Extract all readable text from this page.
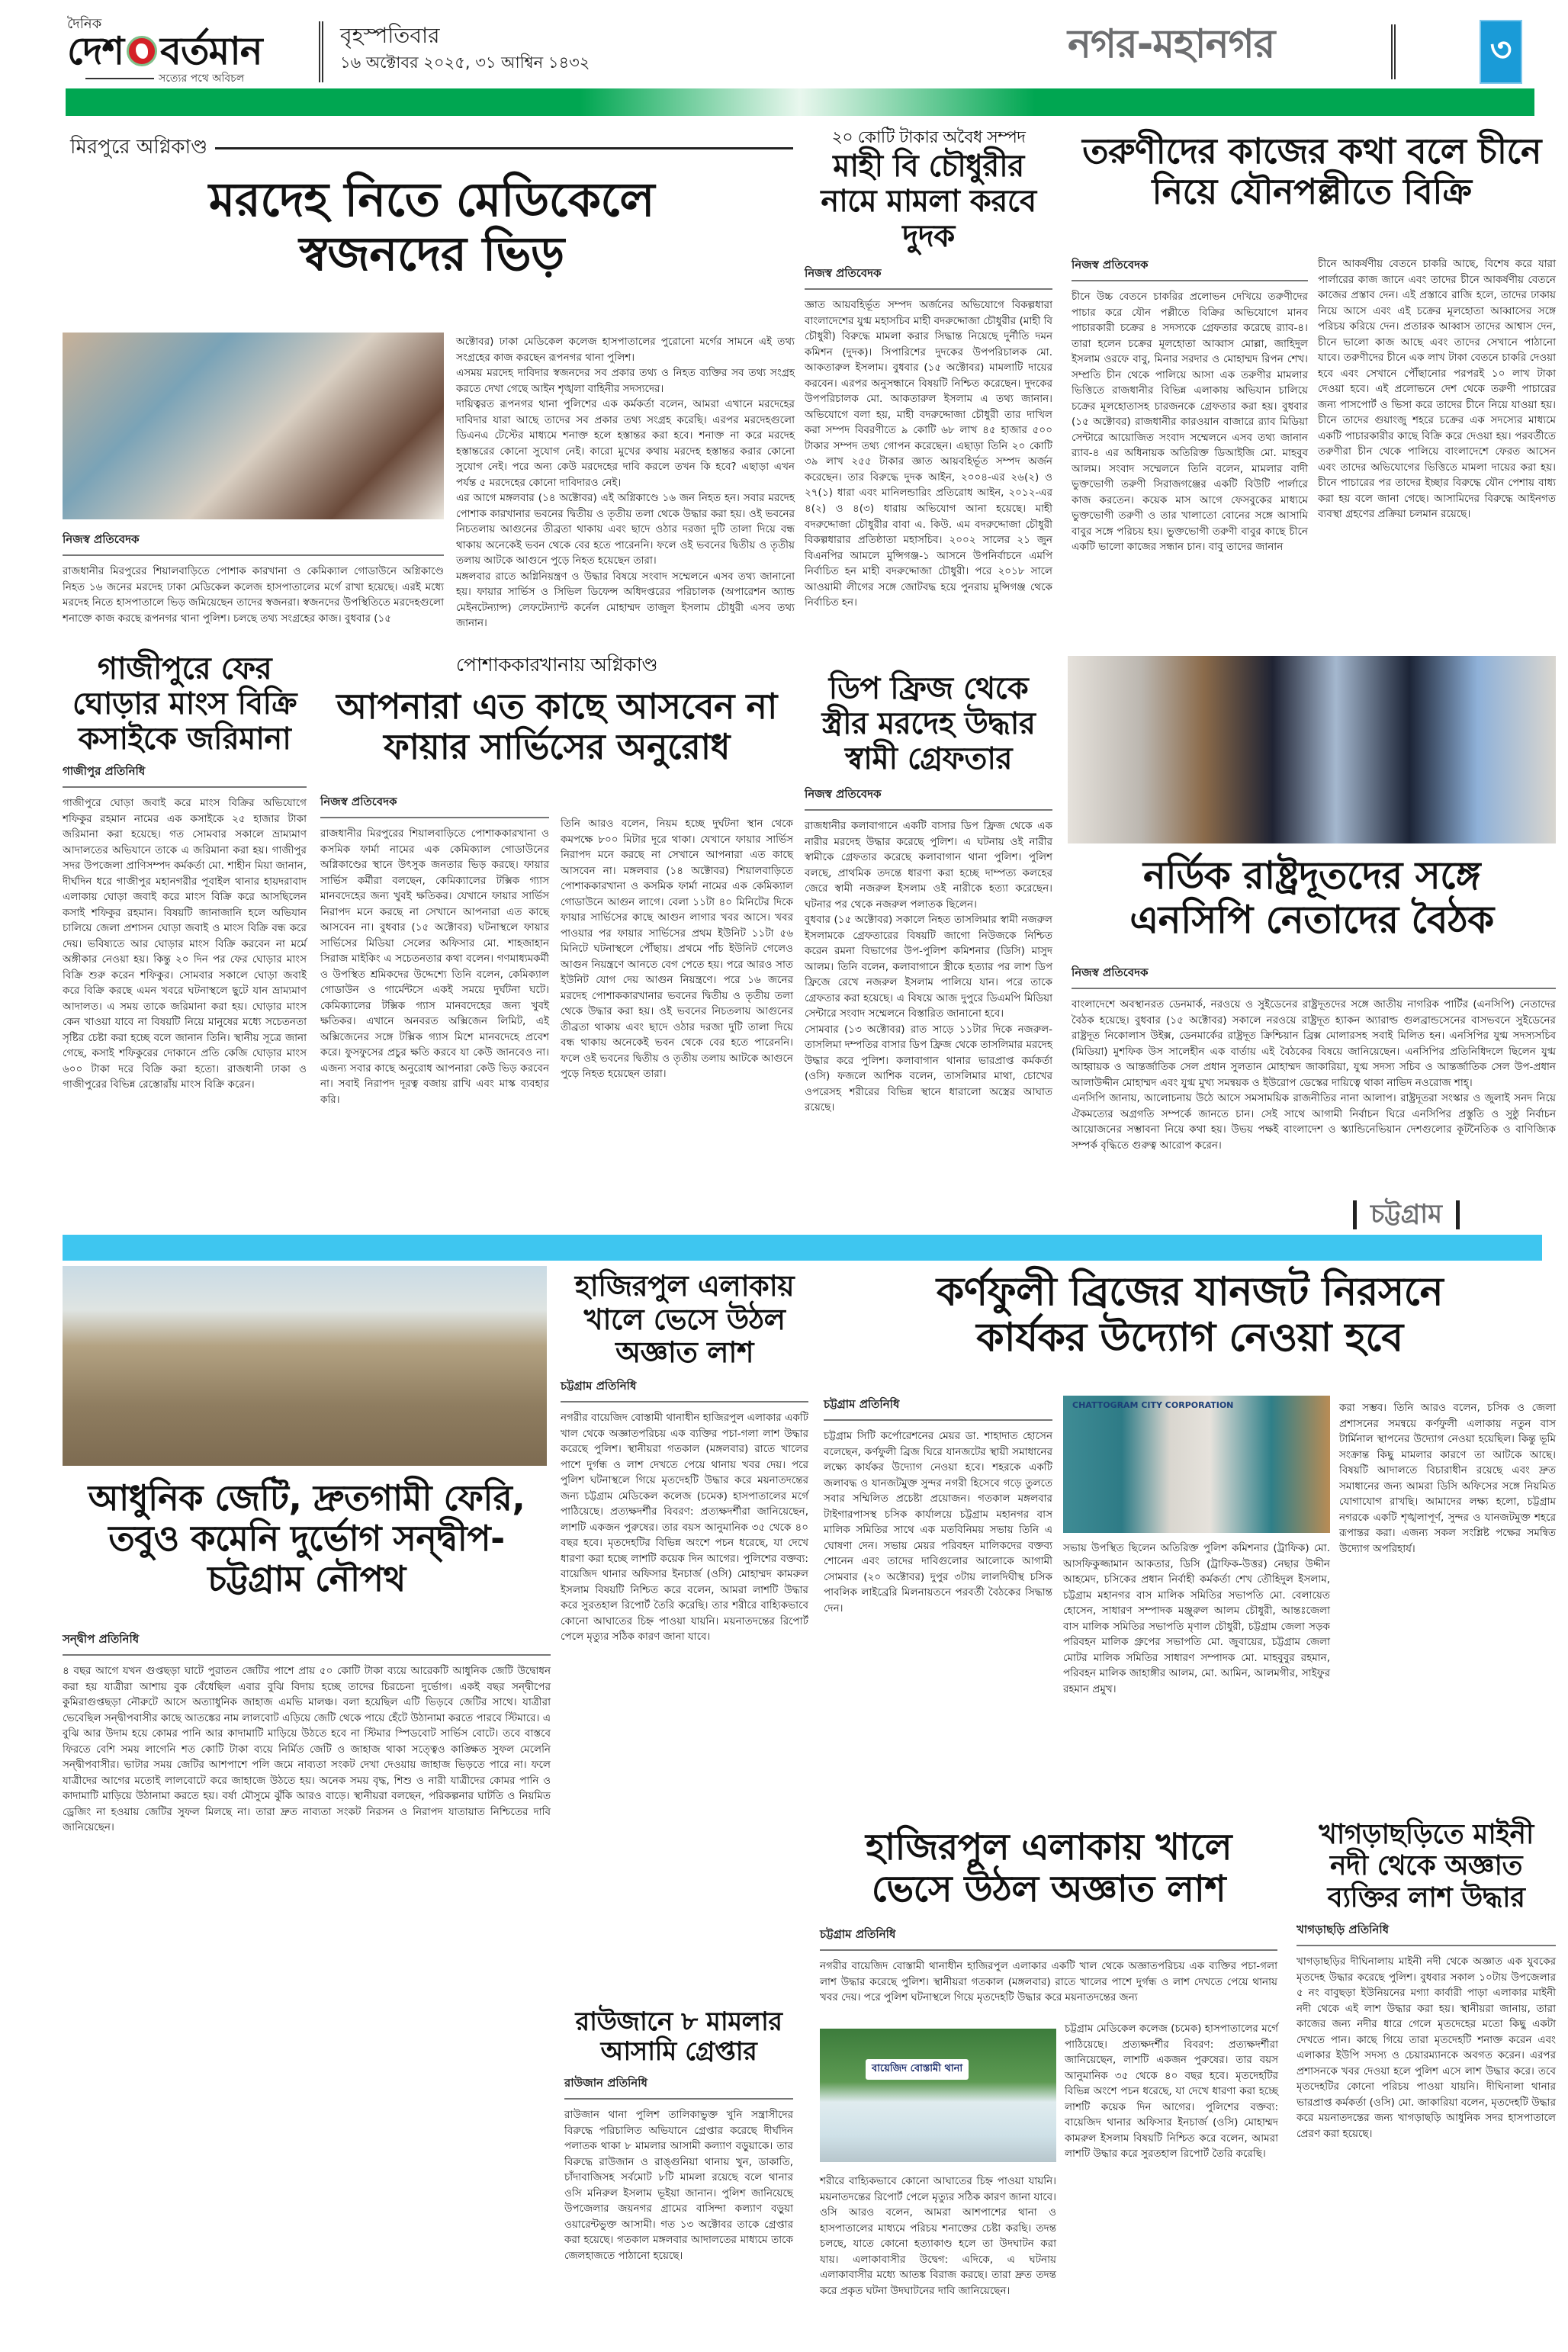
দৈনিক
দেশ বর্তমান
সত্যের পথে অবিচল
বৃহস্পতিবার
১৬ অক্টোবর ২০২৫, ৩১ আশ্বিন ১৪৩২	নগর-মহানগর	৩
মিরপুরে অগ্নিকাণ্ড
মরদেহ নিতে মেডিকেলে
স্বজনদের ভিড়
নিজস্ব প্রতিবেদক
রাজধানীর মিরপুরের শিয়ালবাড়িতে পোশাক কারখানা ও কেমিক্যাল গোডাউনে অগ্নিকাণ্ডে নিহত ১৬ জনের মরদেহ ঢাকা মেডিকেল কলেজ হাসপাতালের মর্গে রাখা হয়েছে। এরই মধ্যে মরদেহ নিতে হাসপাতালে ভিড় জমিয়েছেন তাদের স্বজনরা। স্বজনদের উপস্থিতিতে মরদেহগুলো শনাক্তে কাজ করছে রূপনগর থানা পুলিশ। চলছে তথ্য সংগ্রহের কাজ। বুধবার (১৫

অক্টোবর) ঢাকা মেডিকেল কলেজ হাসপাতালের পুরোনো মর্গের সামনে এই তথ্য সংগ্রহের কাজ করছেন রূপনগর থানা পুলিশ।

এসময় মরদেহ দাবিদার স্বজনদের সব প্রকার তথ্য ও নিহত ব্যক্তির সব তথ্য সংগ্রহ করতে দেখা গেছে আইন শৃঙ্খলা বাহিনীর সদস্যদের।

দায়িত্বরত রূপনগর থানা পুলিশের এক কর্মকর্তা বলেন, আমরা এখানে মরদেহের দাবিদার যারা আছে তাদের সব প্রকার তথ্য সংগ্রহ করেছি। এরপর মরদেহগুলো ডিএনএ টেস্টের মাধ্যমে শনাক্ত হলে হস্তান্তর করা হবে। শনাক্ত না করে মরদেহ হস্তান্তরের কোনো সুযোগ নেই। কারো মুখের কথায় মরদেহ হস্তান্তর করার কোনো সুযোগ নেই। পরে অন্য কেউ মরদেহের দাবি করলে তখন কি হবে? এছাড়া এখন পর্যন্ত ৫ মরদেহের কোনো দাবিদারও নেই।

এর আগে মঙ্গলবার (১৪ অক্টোবর) এই অগ্নিকাণ্ডে ১৬ জন নিহত হন। সবার মরদেহ পোশাক কারখানার ভবনের দ্বিতীয় ও তৃতীয় তলা থেকে উদ্ধার করা হয়। ওই ভবনের নিচতলায় আগুনের তীব্রতা থাকায় এবং ছাদে ওঠার দরজা দুটি তালা দিয়ে বন্ধ থাকায় অনেকেই ভবন থেকে বের হতে পারেননি। ফলে ওই ভবনের দ্বিতীয় ও তৃতীয় তলায় আটকে আগুনে পুড়ে নিহত হয়েছেন তারা।

মঙ্গলবার রাতে অগ্নিনিয়ন্ত্রণ ও উদ্ধার বিষয়ে সংবাদ সম্মেলনে এসব তথ্য জানানো হয়। ফায়ার সার্ভিস ও সিভিল ডিফেন্স অধিদপ্তরের পরিচালক (অপারেশন অ্যান্ড মেইনটেন্যান্স) লেফটেন্যান্ট কর্নেল মোহাম্মদ তাজুল ইসলাম চৌধুরী এসব তথ্য জানান।

২০ কোটি টাকার অবৈধ সম্পদ
মাহী বি চৌধুরীর নামে মামলা করবে দুদক
নিজস্ব প্রতিবেদক
জ্ঞাত আয়বহির্ভূত সম্পদ অর্জনের অভিযোগে বিকল্পধারা বাংলাদেশের যুগ্ম মহাসচিব মাহী বদরুদ্দোজা চৌধুরীর (মাহী বি চৌধুরী) বিরুদ্ধে মামলা করার সিদ্ধান্ত নিয়েছে দুর্নীতি দমন কমিশন (দুদক)। সিপারিশের দুদকের উপপরিচালক মো. আকতারুল ইসলাম। বুধবার (১৫ অক্টোবর) মামলাটি দায়ের করবেন। এরপর অনুসন্ধানে বিষয়টি নিশ্চিত করেছেন। দুদকের উপপরিচালক মো. আকতারুল ইসলাম এ তথ্য জানান। অভিযোগে বলা হয়, মাহী বদরুদ্দোজা চৌধুরী তার দাখিল করা সম্পদ বিবরণীতে ৯ কোটি ৬৮ লাখ ৪৫ হাজার ৫০০ টাকার সম্পদ তথ্য গোপন করেছেন। এছাড়া তিনি ২০ কোটি ৩৯ লাখ ২৫৫ টাকার জ্ঞাত আয়বহির্ভূত সম্পদ অর্জন করেছেন। তার বিরুদ্ধে দুদক আইন, ২০০৪-এর ২৬(২) ও ২৭(১) ধারা এবং মানিলন্ডারিং প্রতিরোধ আইন, ২০১২-এর ৪(২) ও ৪(৩) ধারায় অভিযোগ আনা হয়েছে। মাহী বদরুদ্দোজা চৌধুরীর বাবা এ. কিউ. এম বদরুদ্দোজা চৌধুরী বিকল্পধারার প্রতিষ্ঠাতা মহাসচিব। ২০০২ সালের ২১ জুন বিএনপির আমলে মুন্সিগঞ্জ-১ আসনে উপনির্বাচনে এমপি নির্বাচিত হন মাহী বদরুদ্দোজা চৌধুরী। পরে ২০১৮ সালে আওয়ামী লীগের সঙ্গে জোটবদ্ধ হয়ে পুনরায় মুন্সিগঞ্জ থেকে নির্বাচিত হন।
তরুণীদের কাজের কথা বলে চীনে
নিয়ে যৌনপল্লীতে বিক্রি
নিজস্ব প্রতিবেদক
চীনে উচ্চ বেতনে চাকরির প্রলোভন দেখিয়ে তরুণীদের পাচার করে যৌন পল্লীতে বিক্রির অভিযোগে মানব পাচারকারী চক্রের ৪ সদস্যকে গ্রেফতার করেছে র‍্যাব-৪। তারা হলেন চক্রের মূলহোতা আব্বাস মোল্লা, জাহিদুল ইসলাম ওরফে বাবু, মিনার সরদার ও মোহাম্মদ রিপন শেখ। সম্প্রতি চীন থেকে পালিয়ে আসা এক তরুণীর মামলার ভিত্তিতে রাজধানীর বিভিন্ন এলাকায় অভিযান চালিয়ে চক্রের মূলহোতাসহ চারজনকে গ্রেফতার করা হয়। বুধবার (১৫ অক্টোবর) রাজধানীর কারওয়ান বাজারে র‍্যাব মিডিয়া সেন্টারে আয়োজিত সংবাদ সম্মেলনে এসব তথ্য জানান র‍্যাব-৪ এর অধিনায়ক অতিরিক্ত ডিআইজি মো. মাহবুব আলম। সংবাদ সম্মেলনে তিনি বলেন, মামলার বাদী ভুক্তভোগী তরুণী সিরাজগঞ্জের একটি বিউটি পার্লারে কাজ করতেন। কয়েক মাস আগে ফেসবুকের মাধ্যমে ভুক্তভোগী তরুণী ও তার খালাতো বোনের সঙ্গে আসামি বাবুর সঙ্গে পরিচয় হয়। ভুক্তভোগী তরুণী বাবুর কাছে চীনে একটি ভালো কাজের সন্ধান চান। বাবু তাদের জানান
চীনে আকর্ষণীয় বেতনে চাকরি আছে, বিশেষ করে যারা পার্লারের কাজ জানে এবং তাদের চীনে আকর্ষণীয় বেতনে কাজের প্রস্তাব দেন। এই প্রস্তাবে রাজি হলে, তাদের ঢাকায় নিয়ে আসে এবং এই চক্রের মূলহোতা আব্বাসের সঙ্গে পরিচয় করিয়ে দেন। প্রতারক আব্বাস তাদের আশ্বাস দেন, চীনে ভালো কাজ আছে এবং তাদের সেখানে পাঠানো যাবে। তরুণীদের চীনে এক লাখ টাকা বেতনে চাকরি দেওয়া হবে এবং সেখানে পৌঁছানোর পরপরই ১০ লাখ টাকা দেওয়া হবে। এই প্রলোভনে দেশ থেকে তরুণী পাচারের জন্য পাসপোর্ট ও ভিসা করে তাদের চীনে নিয়ে যাওয়া হয়। চীনে তাদের গুয়াংজু শহরে চক্রের এক সদস্যের মাধ্যমে একটি পাচারকারীর কাছে বিক্রি করে দেওয়া হয়। পরবর্তীতে তরুণীরা চীন থেকে পালিয়ে বাংলাদেশে ফেরত আসেন এবং তাদের অভিযোগের ভিত্তিতে মামলা দায়ের করা হয়। চীনে পাচারের পর তাদের ইচ্ছার বিরুদ্ধে যৌন পেশায় বাধ্য করা হয় বলে জানা গেছে। আসামিদের বিরুদ্ধে আইনগত ব্যবস্থা গ্রহণের প্রক্রিয়া চলমান রয়েছে।
গাজীপুরে ফের ঘোড়ার মাংস বিক্রি কসাইকে জরিমানা
গাজীপুর প্রতিনিধি
গাজীপুরে ঘোড়া জবাই করে মাংস বিক্রির অভিযোগে শফিকুর রহমান নামের এক কসাইকে ২৫ হাজার টাকা জরিমানা করা হয়েছে। গত সোমবার সকালে ভ্রাম্যমাণ আদালতের অভিযানে তাকে এ জরিমানা করা হয়। গাজীপুর সদর উপজেলা প্রাণিসম্পদ কর্মকর্তা মো. শাহীন মিয়া জানান, দীর্ঘদিন ধরে গাজীপুর মহানগরীর পূবাইল থানার হায়দরাবাদ এলাকায় ঘোড়া জবাই করে মাংস বিক্রি করে আসছিলেন কসাই শফিকুর রহমান। বিষয়টি জানাজানি হলে অভিযান চালিয়ে জেলা প্রশাসন ঘোড়া জবাই ও মাংস বিক্রি বন্ধ করে দেয়। ভবিষ্যতে আর ঘোড়ার মাংস বিক্রি করবেন না মর্মে অঙ্গীকার নেওয়া হয়। কিন্তু ২০ দিন পর ফের ঘোড়ার মাংস বিক্রি শুরু করেন শফিকুর। সোমবার সকালে ঘোড়া জবাই করে বিক্রি করছে এমন খবরে ঘটনাস্থলে ছুটে যান ভ্রাম্যমাণ আদালত। এ সময় তাকে জরিমানা করা হয়। ঘোড়ার মাংস কেন খাওয়া যাবে না বিষয়টি নিয়ে মানুষের মধ্যে সচেতনতা সৃষ্টির চেষ্টা করা হচ্ছে বলে জানান তিনি। স্থানীয় সূত্রে জানা গেছে, কসাই শফিকুরের দোকানে প্রতি কেজি ঘোড়ার মাংস ৬০০ টাকা দরে বিক্রি করা হতো। রাজধানী ঢাকা ও গাজীপুরের বিভিন্ন রেস্তোরাঁয় মাংস বিক্রি করেন।
পোশাককারখানায় অগ্নিকাণ্ড
আপনারা এত কাছে আসবেন না
ফায়ার সার্ভিসের অনুরোধ
নিজস্ব প্রতিবেদক
রাজধানীর মিরপুরের শিয়ালবাড়িতে পোশাককারখানা ও কসমিক ফার্মা নামের এক কেমিক্যাল গোডাউনের অগ্নিকাণ্ডের স্থানে উৎসুক জনতার ভিড় করছে। ফায়ার সার্ভিস কর্মীরা বলছেন, কেমিক্যালের টক্সিক গ্যাস মানবদেহের জন্য খুবই ক্ষতিকর। যেখানে ফায়ার সার্ভিস নিরাপদ মনে করছে না সেখানে আপনারা এত কাছে আসবেন না। বুধবার (১৫ অক্টোবর) ঘটনাস্থলে ফায়ার সার্ভিসের মিডিয়া সেলের অফিসার মো. শাহজাহান সিরাজ মাইকিং এ সচেতনতার কথা বলেন। গণমাধ্যমকর্মী ও উপস্থিত শ্রমিকদের উদ্দেশ্যে তিনি বলেন, কেমিক্যাল গোডাউন ও গার্মেন্টসে একই সময়ে দুর্ঘটনা ঘটে। কেমিক্যালের টক্সিক গ্যাস মানবদেহের জন্য খুবই ক্ষতিকর। এখানে অনবরত অক্সিজেন লিমিট, এই অক্সিজেনের সঙ্গে টক্সিক গ্যাস মিশে মানবদেহে প্রবেশ করে। ফুসফুসের প্রচুর ক্ষতি করবে যা কেউ জানবেও না। এজন্য সবার কাছে অনুরোধ আপনারা কেউ ভিড় করবেন না। সবাই নিরাপদ দূরত্ব বজায় রাখি এবং মাস্ক ব্যবহার করি।
তিনি আরও বলেন, নিয়ম হচ্ছে দুর্ঘটনা স্থান থেকে কমপক্ষে ৮০০ মিটার দূরে থাকা। যেখানে ফায়ার সার্ভিস নিরাপদ মনে করছে না সেখানে আপনারা এত কাছে আসবেন না। মঙ্গলবার (১৪ অক্টোবর) শিয়ালবাড়িতে পোশাককারখানা ও কসমিক ফার্মা নামের এক কেমিক্যাল গোডাউনে আগুন লাগে। বেলা ১১টা ৪০ মিনিটের দিকে ফায়ার সার্ভিসের কাছে আগুন লাগার খবর আসে। খবর পাওয়ার পর ফায়ার সার্ভিসের প্রথম ইউনিট ১১টা ৫৬ মিনিটে ঘটনাস্থলে পৌঁছায়। প্রথমে পাঁচ ইউনিট গেলেও আগুন নিয়ন্ত্রণে আনতে বেগ পেতে হয়। পরে আরও সাত ইউনিট যোগ দেয় আগুন নিয়ন্ত্রণে। পরে ১৬ জনের মরদেহ পোশাককারখানার ভবনের দ্বিতীয় ও তৃতীয় তলা থেকে উদ্ধার করা হয়। ওই ভবনের নিচতলায় আগুনের তীব্রতা থাকায় এবং ছাদে ওঠার দরজা দুটি তালা দিয়ে বন্ধ থাকায় অনেকেই ভবন থেকে বের হতে পারেননি। ফলে ওই ভবনের দ্বিতীয় ও তৃতীয় তলায় আটকে আগুনে পুড়ে নিহত হয়েছেন তারা।
ডিপ ফ্রিজ থেকে স্ত্রীর মরদেহ উদ্ধার স্বামী গ্রেফতার
নিজস্ব প্রতিবেদক

রাজধানীর কলাবাগানে একটি বাসার ডিপ ফ্রিজ থেকে এক নারীর মরদেহ উদ্ধার করেছে পুলিশ। এ ঘটনায় ওই নারীর স্বামীকে গ্রেফতার করেছে কলাবাগান থানা পুলিশ। পুলিশ বলছে, প্রাথমিক তদন্তে ধারণা করা হচ্ছে দাম্পত্য কলহের জেরে স্বামী নজরুল ইসলাম ওই নারীকে হত্যা করেছেন। ঘটনার পর থেকে নজরুল পলাতক ছিলেন।

বুধবার (১৫ অক্টোবর) সকালে নিহত তাসলিমার স্বামী নজরুল ইসলামকে গ্রেফতারের বিষয়টি জাগো নিউজকে নিশ্চিত করেন রমনা বিভাগের উপ-পুলিশ কমিশনার (ডিসি) মাসুদ আলম। তিনি বলেন, কলাবাগানে স্ত্রীকে হত্যার পর লাশ ডিপ ফ্রিজে রেখে নজরুল ইসলাম পালিয়ে যান। পরে তাকে গ্রেফতার করা হয়েছে। এ বিষয়ে আজ দুপুরে ডিএমপি মিডিয়া সেন্টারে সংবাদ সম্মেলনে বিস্তারিত জানানো হবে।

সোমবার (১৩ অক্টোবর) রাত সাড়ে ১১টার দিকে নজরুল-তাসলিমা দম্পতির বাসার ডিপ ফ্রিজ থেকে তাসলিমার মরদেহ উদ্ধার করে পুলিশ। কলাবাগান থানার ভারপ্রাপ্ত কর্মকর্তা (ওসি) ফজলে আশিক বলেন, তাসলিমার মাথা, চোখের ওপরেসহ শরীরের বিভিন্ন স্থানে ধারালো অস্ত্রের আঘাত রয়েছে।

নর্ডিক রাষ্ট্রদূতদের সঙ্গে
এনসিপি নেতাদের বৈঠক
নিজস্ব প্রতিবেদক

বাংলাদেশে অবস্থানরত ডেনমার্ক, নরওয়ে ও সুইডেনের রাষ্ট্রদূতদের সঙ্গে জাতীয় নাগরিক পার্টির (এনসিপি) নেতাদের বৈঠক হয়েছে। বুধবার (১৫ অক্টোবর) সকালে নরওয়ে রাষ্ট্রদূত হ্যাকন অ্যারাল্ড গুলব্রান্ডসেনের বাসভবনে সুইডেনের রাষ্ট্রদূত নিকোলাস উইক্স, ডেনমার্কের রাষ্ট্রদূত ক্রিশ্চিয়ান ব্রিক্স মোলারসহ সবাই মিলিত হন। এনসিপির যুগ্ম সদস্যসচিব (মিডিয়া) মুশফিক উস সালেহীন এক বার্তায় এই বৈঠকের বিষয়ে জানিয়েছেন। এনসিপির প্রতিনিধিদলে ছিলেন যুগ্ম আহ্বায়ক ও আন্তর্জাতিক সেল প্রধান সুলতান মোহাম্মদ জাকারিয়া, যুগ্ম সদস্য সচিব ও আন্তর্জাতিক সেল উপ-প্রধান আলাউদ্দীন মোহাম্মদ এবং যুগ্ম মুখ্য সমন্বয়ক ও ইউরোপ ডেস্কের দায়িত্বে থাকা নাভিদ নওরোজ শাহ্‌।

এনসিপি জানায়, আলোচনায় উঠে আসে সমসাময়িক রাজনীতির নানা আলাপ। রাষ্ট্রদূতরা সংস্কার ও জুলাই সনদ নিয়ে ঐকমত্যের অগ্রগতি সম্পর্কে জানতে চান। সেই সাথে আগামী নির্বাচন ঘিরে এনসিপির প্রস্তুতি ও সুষ্ঠু নির্বাচন আয়োজনের সম্ভাবনা নিয়ে কথা হয়। উভয় পক্ষই বাংলাদেশ ও স্ক্যান্ডিনেভিয়ান দেশগুলোর কূটনৈতিক ও বাণিজ্যিক সম্পর্ক বৃদ্ধিতে গুরুত্ব আরোপ করেন।

চট্টগ্রাম
আধুনিক জেটি, দ্রুতগামী ফেরি, তবুও কমেনি দুর্ভোগ সন্দ্বীপ-চট্টগ্রাম নৌপথ
সন্দ্বীপ প্রতিনিধি
৪ বছর আগে যখন গুপ্তছড়া ঘাটে পুরাতন জেটির পাশে প্রায় ৫০ কোটি টাকা ব্যয়ে আরেকটি আধুনিক জেটি উদ্বোধন করা হয় যাত্রীরা আশায় বুক বেঁধেছিল এবার বুঝি বিদায় হচ্ছে তাদের চিরচেনা দুর্ভোগ। একই বছর সন্দ্বীপের কুমিরাগুপ্তছড়া নৌরুটে আসে অত্যাধুনিক জাহাজ এমভি মালঞ্চ। বলা হয়েছিল এটি ভিড়বে জেটির সাথে। যাত্রীরা ভেবেছিল সন্দ্বীপবাসীর কাছে আতঙ্কের নাম লালবোট এড়িয়ে জেটি থেকে পায়ে হেঁটে উঠানামা করতে পারবে স্টিমারে। এ বুঝি আর উদাম হয়ে কোমর পানি আর কাদামাটি মাড়িয়ে উঠতে হবে না স্টিমার স্পিডবোট সার্ভিস বোটে। তবে বাস্তবে ফিরতে বেশি সময় লাগেনি শত কোটি টাকা ব্যয়ে নির্মিত জেটি ও জাহাজ থাকা সত্ত্বেও কাঙ্ক্ষিত সুফল মেলেনি সন্দ্বীপবাসীর। ভাটার সময় জেটির আশপাশে পলি জমে নাব্যতা সংকট দেখা দেওয়ায় জাহাজ ভিড়তে পারে না। ফলে যাত্রীদের আগের মতোই লালবোটে করে জাহাজে উঠতে হয়। অনেক সময় বৃদ্ধ, শিশু ও নারী যাত্রীদের কোমর পানি ও কাদামাটি মাড়িয়ে উঠানামা করতে হয়। বর্ষা মৌসুমে ঝুঁকি আরও বাড়ে। স্থানীয়রা বলছেন, পরিকল্পনার ঘাটতি ও নিয়মিত ড্রেজিং না হওয়ায় জেটির সুফল মিলছে না। তারা দ্রুত নাব্যতা সংকট নিরসন ও নিরাপদ যাতায়াত নিশ্চিতের দাবি জানিয়েছেন।
হাজিরপুল এলাকায় খালে ভেসে উঠল অজ্ঞাত লাশ
চট্টগ্রাম প্রতিনিধি
নগরীর বায়েজিদ বোস্তামী থানাধীন হাজিরপুল এলাকার একটি খাল থেকে অজ্ঞাতপরিচয় এক ব্যক্তির পচা-গলা লাশ উদ্ধার করেছে পুলিশ। স্থানীয়রা গতকাল (মঙ্গলবার) রাতে খালের পাশে দুর্গন্ধ ও লাশ দেখতে পেয়ে থানায় খবর দেয়। পরে পুলিশ ঘটনাস্থলে গিয়ে মৃতদেহটি উদ্ধার করে ময়নাতদন্তের জন্য চট্টগ্রাম মেডিকেল কলেজ (চমেক) হাসপাতালের মর্গে পাঠিয়েছে। প্রত্যক্ষদর্শীর বিবরণ: প্রত্যক্ষদর্শীরা জানিয়েছেন, লাশটি একজন পুরুষের। তার বয়স আনুমানিক ৩৫ থেকে ৪০ বছর হবে। মৃতদেহটির বিভিন্ন অংশে পচন ধরেছে, যা দেখে ধারণা করা হচ্ছে লাশটি কয়েক দিন আগের। পুলিশের বক্তব্য: বায়েজিদ থানার অফিসার ইনচার্জ (ওসি) মোহাম্মদ কামরুল ইসলাম বিষয়টি নিশ্চিত করে বলেন, আমরা লাশটি উদ্ধার করে সুরতহাল রিপোর্ট তৈরি করেছি। তার শরীরে বাহ্যিকভাবে কোনো আঘাতের চিহ্ন পাওয়া যায়নি। ময়নাতদন্তের রিপোর্ট পেলে মৃত্যুর সঠিক কারণ জানা যাবে।
কর্ণফুলী ব্রিজের যানজট নিরসনে
কার্যকর উদ্যোগ নেওয়া হবে
চট্টগ্রাম প্রতিনিধি
চট্টগ্রাম সিটি কর্পোরেশনের মেয়র ডা. শাহাদাত হোসেন বলেছেন, কর্ণফুলী ব্রিজ ঘিরে যানজটের স্থায়ী সমাধানের লক্ষ্যে কার্যকর উদ্যোগ নেওয়া হবে। শহরকে একটি জলাবদ্ধ ও যানজটমুক্ত সুন্দর নগরী হিসেবে গড়ে তুলতে সবার সম্মিলিত প্রচেষ্টা প্রয়োজন। গতকাল মঙ্গলবার টাইগারপাসস্থ চসিক কার্যালয়ে চট্টগ্রাম মহানগর বাস মালিক সমিতির সাথে এক মতবিনিময় সভায় তিনি এ ঘোষণা দেন। সভায় মেয়র পরিবহন মালিকদের বক্তব্য শোনেন এবং তাদের দাবিগুলোর আলোকে আগামী সোমবার (২০ অক্টোবর) দুপুর ৩টায় লালদিঘীস্থ চসিক পাবলিক লাইব্রেরি মিলনায়তনে পরবর্তী বৈঠকের সিদ্ধান্ত দেন।
CHATTOGRAM CITY CORPORATION	করা সম্ভব। তিনি আরও বলেন, চসিক ও জেলা প্রশাসনের সমন্বয়ে কর্ণফুলী এলাকায় নতুন বাস টার্মিনাল স্থাপনের উদ্যোগ নেওয়া হয়েছিল। কিন্তু ভূমি সংক্রান্ত কিছু মামলার কারণে তা আটকে আছে। বিষয়টি আদালতে বিচারাধীন রয়েছে এবং দ্রুত সমাধানের জন্য আমরা ডিসি অফিসের সঙ্গে নিয়মিত যোগাযোগ রাখছি। আমাদের লক্ষ্য হলো, চট্টগ্রাম নগরকে একটি শৃঙ্খলাপূর্ণ, সুন্দর ও যানজটমুক্ত শহরে রূপান্তর করা। এজন্য সকল সংশ্লিষ্ট পক্ষের সমন্বিত উদ্যোগ অপরিহার্য।
সভায় উপস্থিত ছিলেন অতিরিক্ত পুলিশ কমিশনার (ট্রাফিক) মো. আসফিকুজ্জামান আকতার, ডিসি (ট্রাফিক-উত্তর) নেছার উদ্দীন আহমেদ, চসিকের প্রধান নির্বাহী কর্মকর্তা শেখ তৌহিদুল ইসলাম, চট্টগ্রাম মহানগর বাস মালিক সমিতির সভাপতি মো. বেলায়েত হোসেন, সাধারণ সম্পাদক মঞ্জুরুল আলম চৌধুরী, আন্তঃজেলা বাস মালিক সমিতির সভাপতি মৃণাল চৌধুরী, চট্টগ্রাম জেলা সড়ক পরিবহন মালিক গ্রুপের সভাপতি মো. জুবায়ের, চট্টগ্রাম জেলা মোটর মালিক সমিতির সাধারণ সম্পাদক মো. মাহবুবুর রহমান, পরিবহন মালিক জাহাঙ্গীর আলম, মো. আমিন, আলমগীর, সাইফুর রহমান প্রমুখ।
রাউজানে ৮ মামলার আসামি গ্রেপ্তার
রাউজান প্রতিনিধি
রাউজান থানা পুলিশ তালিকাভুক্ত খুনি সন্ত্রাসীদের বিরুদ্ধে পরিচালিত অভিযানে গ্রেপ্তার করেছে দীর্ঘদিন পলাতক থাকা ৮ মামলার আসামী কল্যাণ বড়ুয়াকে। তার বিরুদ্ধে রাউজান ও রাঙ্গুনিয়া থানায় খুন, ডাকাতি, চাঁদাবাজিসহ সর্বমোট ৮টি মামলা রয়েছে বলে থানার ওসি মনিরুল ইসলাম ভূইয়া জানান। পুলিশ জানিয়েছে উপজেলার জয়নগর গ্রামের বাসিন্দা কল্যাণ বড়ুয়া ওয়ারেন্টভুক্ত আসামী। গত ১৩ অক্টোবর তাকে গ্রেপ্তার করা হয়েছে। গতকাল মঙ্গলবার আদালতের মাধ্যমে তাকে জেলহাজতে পাঠানো হয়েছে।
হাজিরপুল এলাকায় খালে
ভেসে উঠল অজ্ঞাত লাশ
চট্টগ্রাম প্রতিনিধি
নগরীর বায়েজিদ বোস্তামী থানাধীন হাজিরপুল এলাকার একটি খাল থেকে অজ্ঞাতপরিচয় এক ব্যক্তির পচা-গলা লাশ উদ্ধার করেছে পুলিশ। স্থানীয়রা গতকাল (মঙ্গলবার) রাতে খালের পাশে দুর্গন্ধ ও লাশ দেখতে পেয়ে থানায় খবর দেয়। পরে পুলিশ ঘটনাস্থলে গিয়ে মৃতদেহটি উদ্ধার করে ময়নাতদন্তের জন্য
বায়েজিদ বোস্তামী থানা
চট্টগ্রাম মেডিকেল কলেজ (চমেক) হাসপাতালের মর্গে পাঠিয়েছে। প্রত্যক্ষদর্শীর বিবরণ: প্রত্যক্ষদর্শীরা জানিয়েছেন, লাশটি একজন পুরুষের। তার বয়স আনুমানিক ৩৫ থেকে ৪০ বছর হবে। মৃতদেহটির বিভিন্ন অংশে পচন ধরেছে, যা দেখে ধারণা করা হচ্ছে লাশটি কয়েক দিন আগের। পুলিশের বক্তব্য: বায়েজিদ থানার অফিসার ইনচার্জ (ওসি) মোহাম্মদ কামরুল ইসলাম বিষয়টি নিশ্চিত করে বলেন, আমরা লাশটি উদ্ধার করে সুরতহাল রিপোর্ট তৈরি করেছি।
শরীরে বাহ্যিকভাবে কোনো আঘাতের চিহ্ন পাওয়া যায়নি। ময়নাতদন্তের রিপোর্ট পেলে মৃত্যুর সঠিক কারণ জানা যাবে। ওসি আরও বলেন, আমরা আশপাশের থানা ও হাসপাতালের মাধ্যমে পরিচয় শনাক্তের চেষ্টা করছি। তদন্ত চলছে, যাতে কোনো হত্যাকাণ্ড হলে তা উদঘাটন করা যায়। এলাকাবাসীর উদ্বেগ: এদিকে, এ ঘটনায় এলাকাবাসীর মধ্যে আতঙ্ক বিরাজ করছে। তারা দ্রুত তদন্ত করে প্রকৃত ঘটনা উদঘাটনের দাবি জানিয়েছেন।
খাগড়াছড়িতে মাইনী নদী থেকে অজ্ঞাত ব্যক্তির লাশ উদ্ধার
খাগড়াছড়ি প্রতিনিধি
খাগড়াছড়ির দীঘিনালায় মাইনী নদী থেকে অজ্ঞাত এক যুবকের মৃতদেহ উদ্ধার করেছে পুলিশ। বুধবার সকাল ১০টায় উপজেলার ৫ নং বাবুছড়া ইউনিয়নের মগ্যা কার্বারী পাড়া এলাকার মাইনী নদী থেকে এই লাশ উদ্ধার করা হয়। স্থানীয়রা জানায়, তারা কাজের জন্য নদীর ধারে গেলে মৃতদেহের মতো কিছু একটা দেখতে পান। কাছে গিয়ে তারা মৃতদেহটি শনাক্ত করেন এবং এলাকার ইউপি সদস্য ও চেয়ারম্যানকে অবগত করেন। এরপর প্রশাসনকে খবর দেওয়া হলে পুলিশ এসে লাশ উদ্ধার করে। তবে মৃতদেহটির কোনো পরিচয় পাওয়া যায়নি। দীঘিনালা থানার ভারপ্রাপ্ত কর্মকর্তা (ওসি) মো. জাকারিয়া বলেন, মৃতদেহটি উদ্ধার করে ময়নাতদন্তের জন্য খাগড়াছড়ি আধুনিক সদর হাসপাতালে প্রেরণ করা হয়েছে।
